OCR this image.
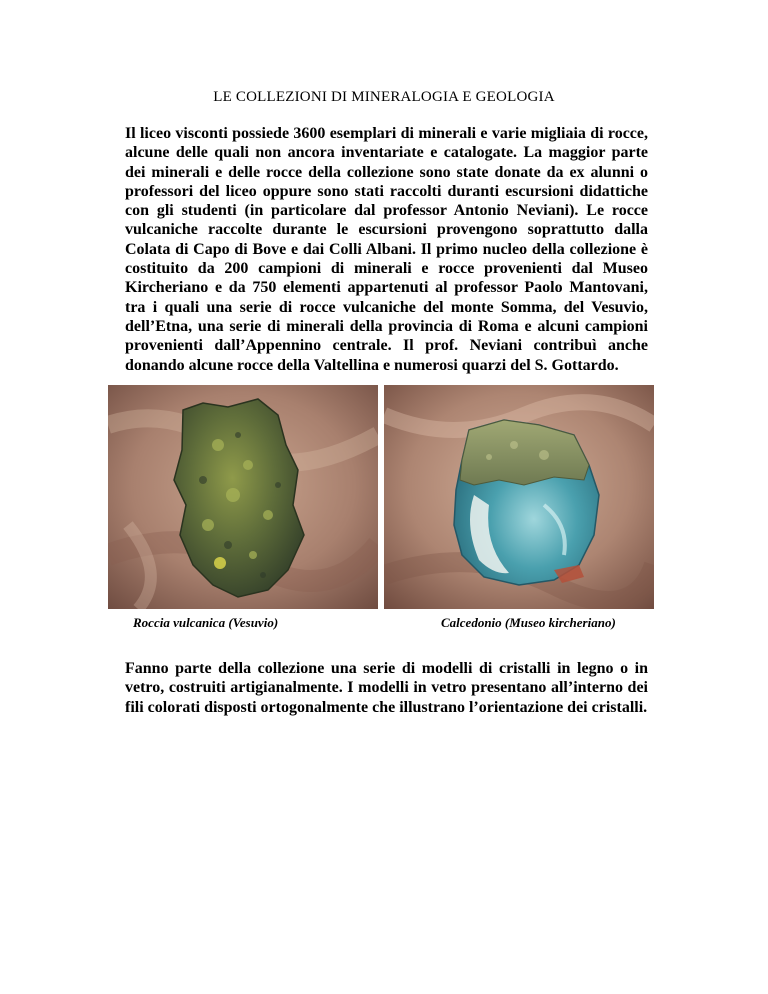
LE COLLEZIONI DI MINERALOGIA E GEOLOGIA

Il liceo visconti possiede 3600 esemplari di minerali e varie migliaia di rocce, alcune delle quali non ancora inventariate e catalogate. La maggior parte dei minerali e delle rocce della collezione sono state donate da ex alunni o professori del liceo oppure sono stati raccolti duranti escursioni didattiche con gli studenti (in particolare dal professor Antonio Neviani). Le rocce vulcaniche raccolte durante le escursioni provengono soprattutto dalla Colata di Capo di Bove e dai Colli Albani. Il primo nucleo della collezione è costituito da 200 campioni di minerali e rocce provenienti dal Museo Kircheriano e da 750 elementi appartenuti al professor Paolo Mantovani, tra i quali una serie di rocce vulcaniche del monte Somma, del Vesuvio, dell’Etna, una serie di minerali della provincia di Roma e alcuni campioni provenienti dall’Appennino centrale. Il prof. Neviani contribuì anche donando alcune rocce della Valtellina e numerosi quarzi del S. Gottardo.

Roccia vulcanica (Vesuvio)	Calcedonio (Museo kircheriano)

Fanno parte della collezione una serie di modelli di cristalli in legno o in vetro, costruiti artigianalmente. I modelli in vetro presentano all’interno dei fili colorati disposti ortogonalmente che illustrano l’orientazione dei cristalli.
